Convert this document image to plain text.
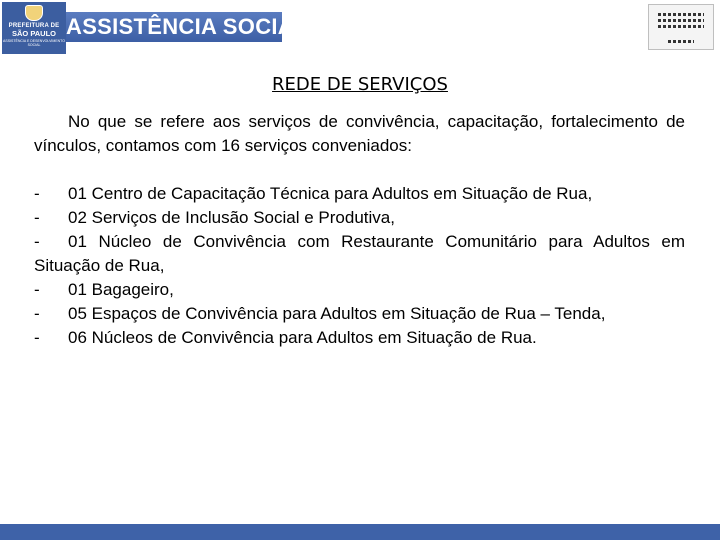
PREFEITURA DE
SÃO PAULO
ASSISTÊNCIA E DESENVOLVIMENTO SOCIAL
ASSISTÊNCIA SOCIAL
REDE DE SERVIÇOS

No que se refere aos serviços de convivência, capacitação, fortalecimento de vínculos, contamos com 16 serviços conveniados:

- 01 Centro de Capacitação Técnica para Adultos em Situação de Rua,

- 02 Serviços de Inclusão Social e Produtiva,

- 01 Núcleo de Convivência com Restaurante Comunitário para Adultos em Situação de Rua,

- 01 Bagageiro,

- 05 Espaços de Convivência para Adultos em Situação de Rua – Tenda,

- 06 Núcleos de Convivência para Adultos em Situação de Rua.
